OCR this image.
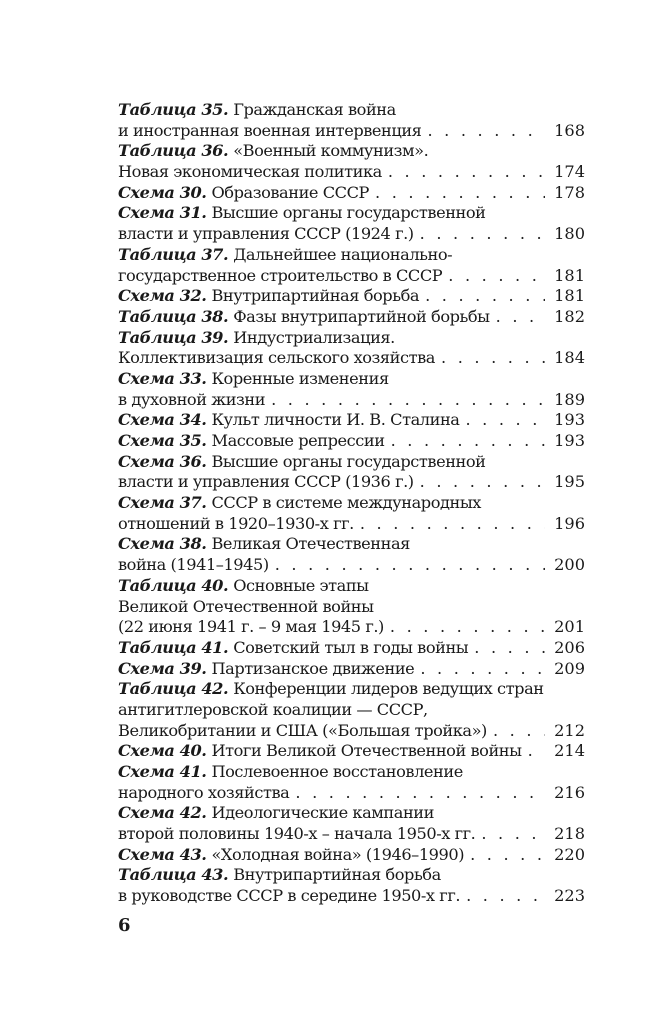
Таблица 35. Гражданская война
и иностранная военная интервенция . . .	168
Таблица 36. «Военный коммунизм».
Новая экономическая политика . . .	174
Схема 30. Образование СССР . . .	178
Схема 31. Высшие органы государственной
власти и управления СССР (1924 г.) . . .	180
Таблица 37. Дальнейшее национально-
государственное строительство в СССР . . .	181
Схема 32. Внутрипартийная борьба . . .	181
Таблица 38. Фазы внутрипартийной борьбы . . .	182
Таблица 39. Индустриализация.
Коллективизация сельского хозяйства . . .	184
Схема 33. Коренные изменения
в духовной жизни . . .	189
Схема 34. Культ личности И. В. Сталина . . .	193
Схема 35. Массовые репрессии . . .	193
Схема 36. Высшие органы государственной
власти и управления СССР (1936 г.) . . .	195
Схема 37. СССР в системе международных
отношений в 1920–1930-х гг. . . .	196
Схема 38. Великая Отечественная
война (1941–1945) . . .	200
Таблица 40. Основные этапы
Великой Отечественной войны
(22 июня 1941 г. – 9 мая 1945 г.) . . .	201
Таблица 41. Советский тыл в годы войны . . .	206
Схема 39. Партизанское движение . . .	209
Таблица 42. Конференции лидеров ведущих стран
антигитлеровской коалиции — СССР,
Великобритании и США («Большая тройка») . . .	212
Схема 40. Итоги Великой Отечественной войны . . . 214
Схема 41. Послевоенное восстановление
народного хозяйства . . .	216
Схема 42. Идеологические кампании
второй половины 1940-х – начала 1950-х гг. . . .	218
Схема 43. «Холодная война» (1946–1990) . . .	220
Таблица 43. Внутрипартийная борьба
в руководстве СССР в середине 1950-х гг. . . .	223
6
